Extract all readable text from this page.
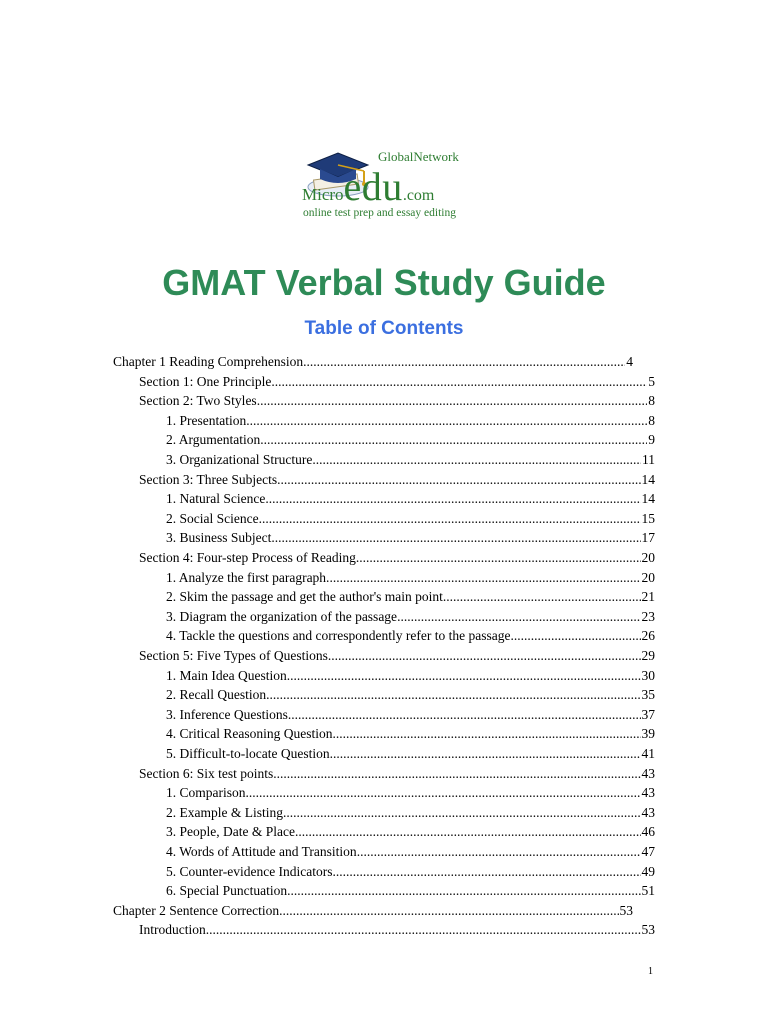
GlobalNetwork
Microedu.com
online test prep and essay editing
GMAT Verbal Study Guide
Table of Contents
Chapter 1 Reading Comprehension .....	4
Section 1: One Principle .....	5
Section 2: Two Styles .....	8
1. Presentation .....	8
2. Argumentation .....	9
3. Organizational Structure .....	11
Section 3: Three Subjects .....	14
1. Natural Science .....	14
2. Social Science .....	15
3. Business Subject .....	17
Section 4: Four-step Process of Reading .....	20
1. Analyze the first paragraph. .....	20
2. Skim the passage and get the author's main point. .....	21
3. Diagram the organization of the passage .....	23
4. Tackle the questions and correspondently refer to the passage. .....	26
Section 5: Five Types of Questions .....	29
1. Main Idea Question .....	30
2. Recall Question .....	35
3. Inference Questions .....	37
4. Critical Reasoning Question .....	39
5. Difficult-to-locate Question .....	41
Section 6: Six test points .....	43
1. Comparison .....	43
2. Example & Listing .....	43
3. People, Date & Place .....	46
4. Words of Attitude and Transition .....	47
5. Counter-evidence Indicators .....	49
6. Special Punctuation .....	51
Chapter 2 Sentence Correction .....	53
Introduction .....	53
1
